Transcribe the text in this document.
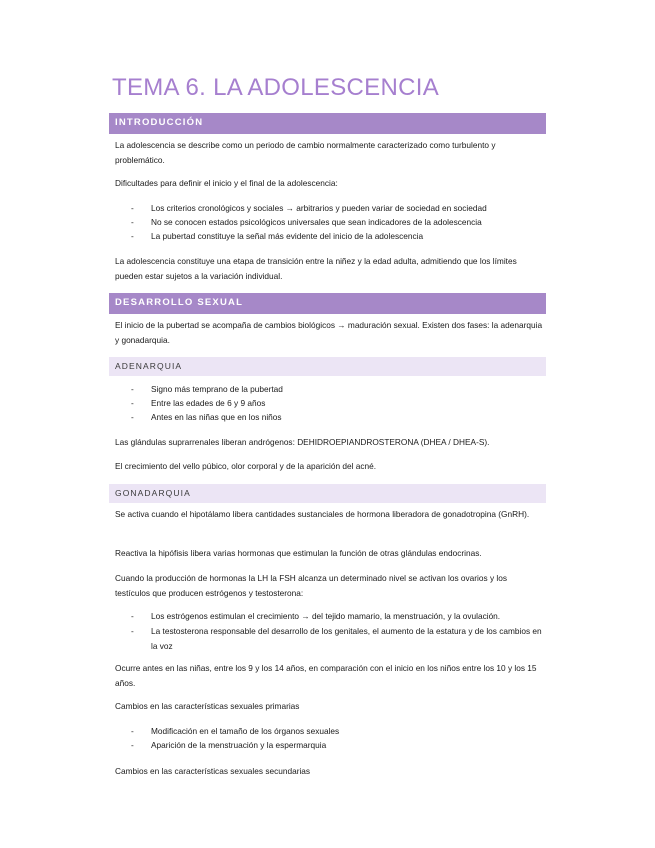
TEMA 6. LA ADOLESCENCIA
INTRODUCCIÓN
La adolescencia se describe como un periodo de cambio normalmente caracterizado como turbulento y problemático.
Dificultades para definir el inicio y el final de la adolescencia:
- Los criterios cronológicos y sociales → arbitrarios y pueden variar de sociedad en sociedad
- No se conocen estados psicológicos universales que sean indicadores de la adolescencia
- La pubertad constituye la señal más evidente del inicio de la adolescencia
La adolescencia constituye una etapa de transición entre la niñez y la edad adulta, admitiendo que los límites pueden estar sujetos a la variación individual.
DESARROLLO SEXUAL
El inicio de la pubertad se acompaña de cambios biológicos → maduración sexual. Existen dos fases: la adenarquia y gonadarquia.
ADENARQUIA
- Signo más temprano de la pubertad
- Entre las edades de 6 y 9 años
- Antes en las niñas que en los niños
Las glándulas suprarrenales liberan andrógenos: DEHIDROEPIANDROSTERONA (DHEA / DHEA-S).
El crecimiento del vello púbico, olor corporal y de la aparición del acné.
GONADARQUIA
Se activa cuando el hipotálamo libera cantidades sustanciales de hormona liberadora de gonadotropina (GnRH).
Reactiva la hipófisis libera varias hormonas que estimulan la función de otras glándulas endocrinas.
Cuando la producción de hormonas la LH la FSH alcanza un determinado nivel se activan los ovarios y los testículos que producen estrógenos y testosterona:
- Los estrógenos estimulan el crecimiento → del tejido mamario, la menstruación, y la ovulación.
- La testosterona responsable del desarrollo de los genitales, el aumento de la estatura y de los cambios en la voz
Ocurre antes en las niñas, entre los 9 y los 14 años, en comparación con el inicio en los niños entre los 10 y los 15 años.
Cambios en las características sexuales primarias
- Modificación en el tamaño de los órganos sexuales
- Aparición de la menstruación y la espermarquia
Cambios en las características sexuales secundarias
